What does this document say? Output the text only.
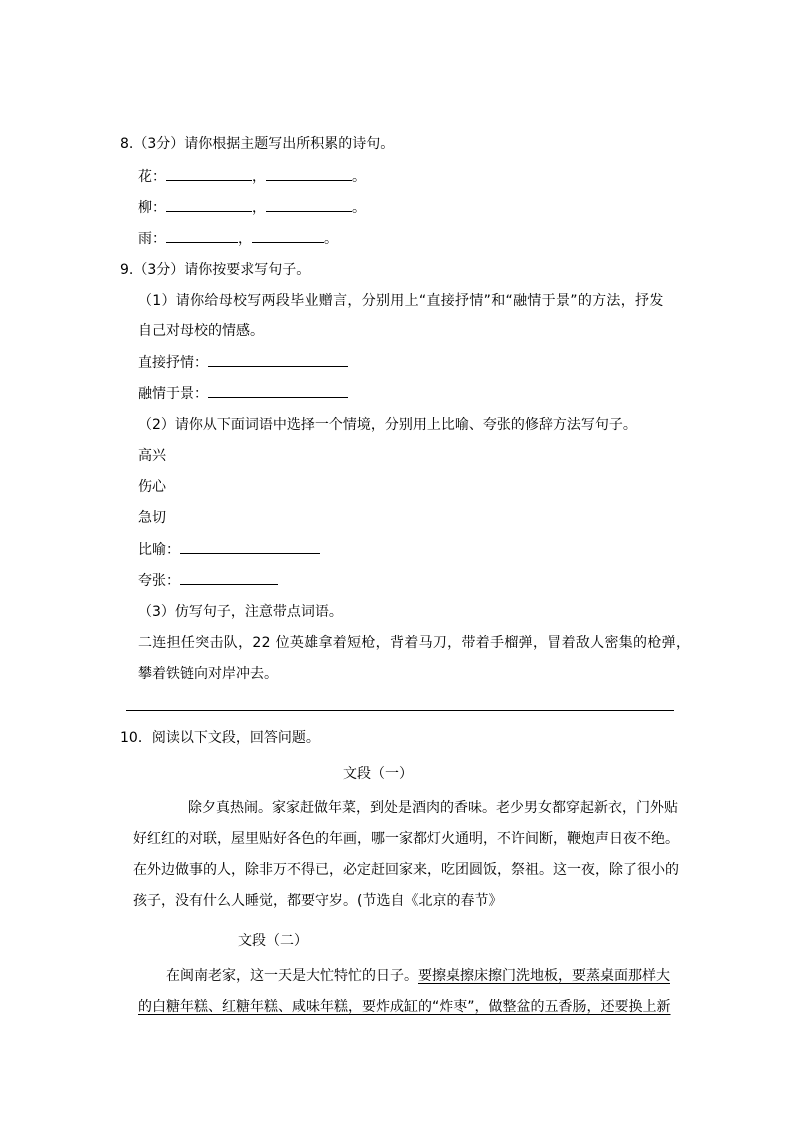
8.（3分）请你根据主题写出所积累的诗句。
花：	，	。
柳：	，	。
雨：	，	。
9.（3分）请你按要求写句子。
（1）请你给母校写两段毕业赠言，分别用上“直接抒情”和“融情于景”的方法，抒发
自己对母校的情感。
直接抒情：
融情于景：
（2）请你从下面词语中选择一个情境，分别用上比喻、夸张的修辞方法写句子。
高兴
伤心
急切
比喻：
夸张：
（3）仿写句子，注意带点词语。
二连担任突击队，22 位英雄拿着短枪，背着马刀，带着手榴弹，冒着敌人密集的枪弹，
攀着铁链向对岸冲去。
10．阅读以下文段，回答问题。
文段（一）
除夕真热闹。家家赶做年菜，到处是酒肉的香味。老少男女都穿起新衣，门外贴
好红红的对联，屋里贴好各色的年画，哪一家都灯火通明，不许间断，鞭炮声日夜不绝。
在外边做事的人，除非万不得已，必定赶回家来，吃团圆饭，祭祖。这一夜，除了很小的
孩子，没有什么人睡觉，都要守岁。(节选自《北京的春节》
文段（二）
在闽南老家，这一天是大忙特忙的日子。要擦桌擦床擦门洗地板，要蒸桌面那样大
的白糖年糕、红糖年糕、咸味年糕，要炸成缸的“炸枣”，做整盆的五香肠，还要换上新
